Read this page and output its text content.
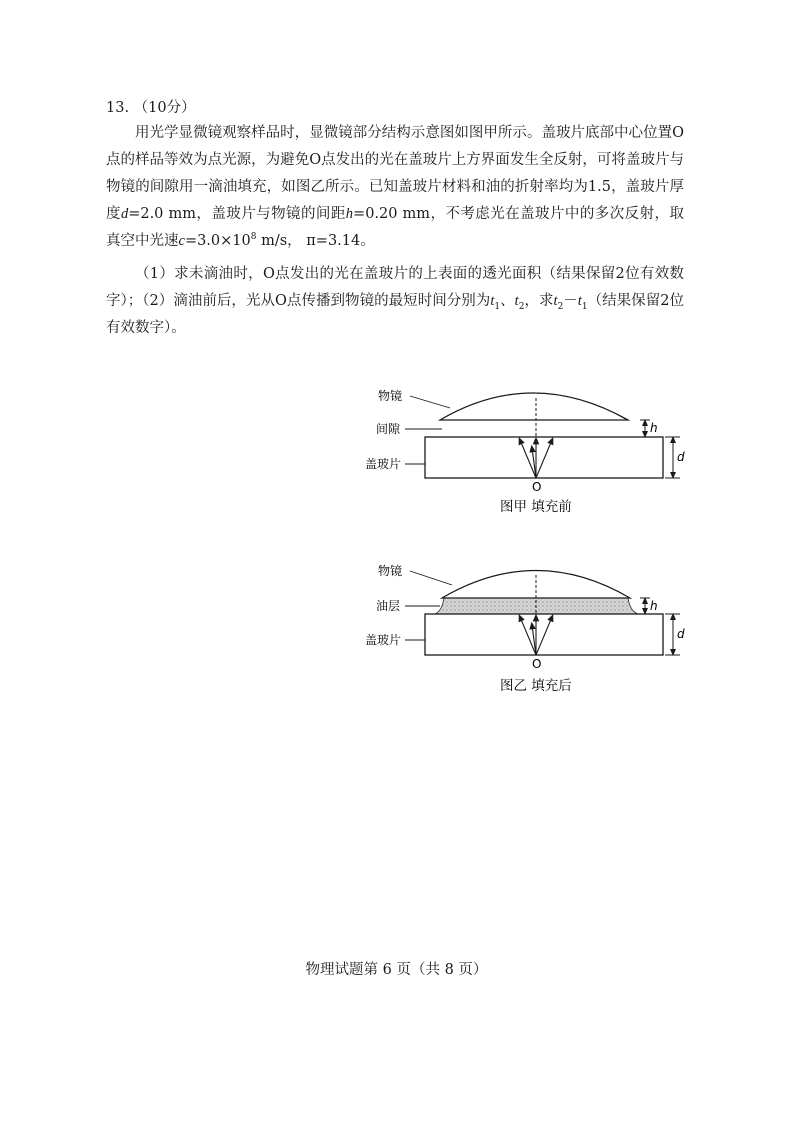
13. （10分）
用光学显微镜观察样品时，显微镜部分结构示意图如图甲所示。盖玻片底部中心位置O点的样品等效为点光源，为避免O点发出的光在盖玻片上方界面发生全反射，可将盖玻片与物镜的间隙用一滴油填充，如图乙所示。已知盖玻片材料和油的折射率均为1.5，盖玻片厚度d=2.0 mm，盖玻片与物镜的间距h=0.20 mm，不考虑光在盖玻片中的多次反射，取真空中光速$c=3.0\times 10^8$ m/s， π=3.14。
（1）求未滴油时，O点发出的光在盖玻片的上表面的透光面积（结果保留2位有效数字）；
（2）滴油前后，光从O点传播到物镜的最短时间分别为$t_1$、$t_2$，求$t_2-t_1$（结果保留2位有效数字）。
h
d
物镜
间隙
盖玻片
O
图甲 填充前
h
d
物镜
油层
盖玻片
O
图乙 填充后
物理试题第 6 页（共 8 页）
